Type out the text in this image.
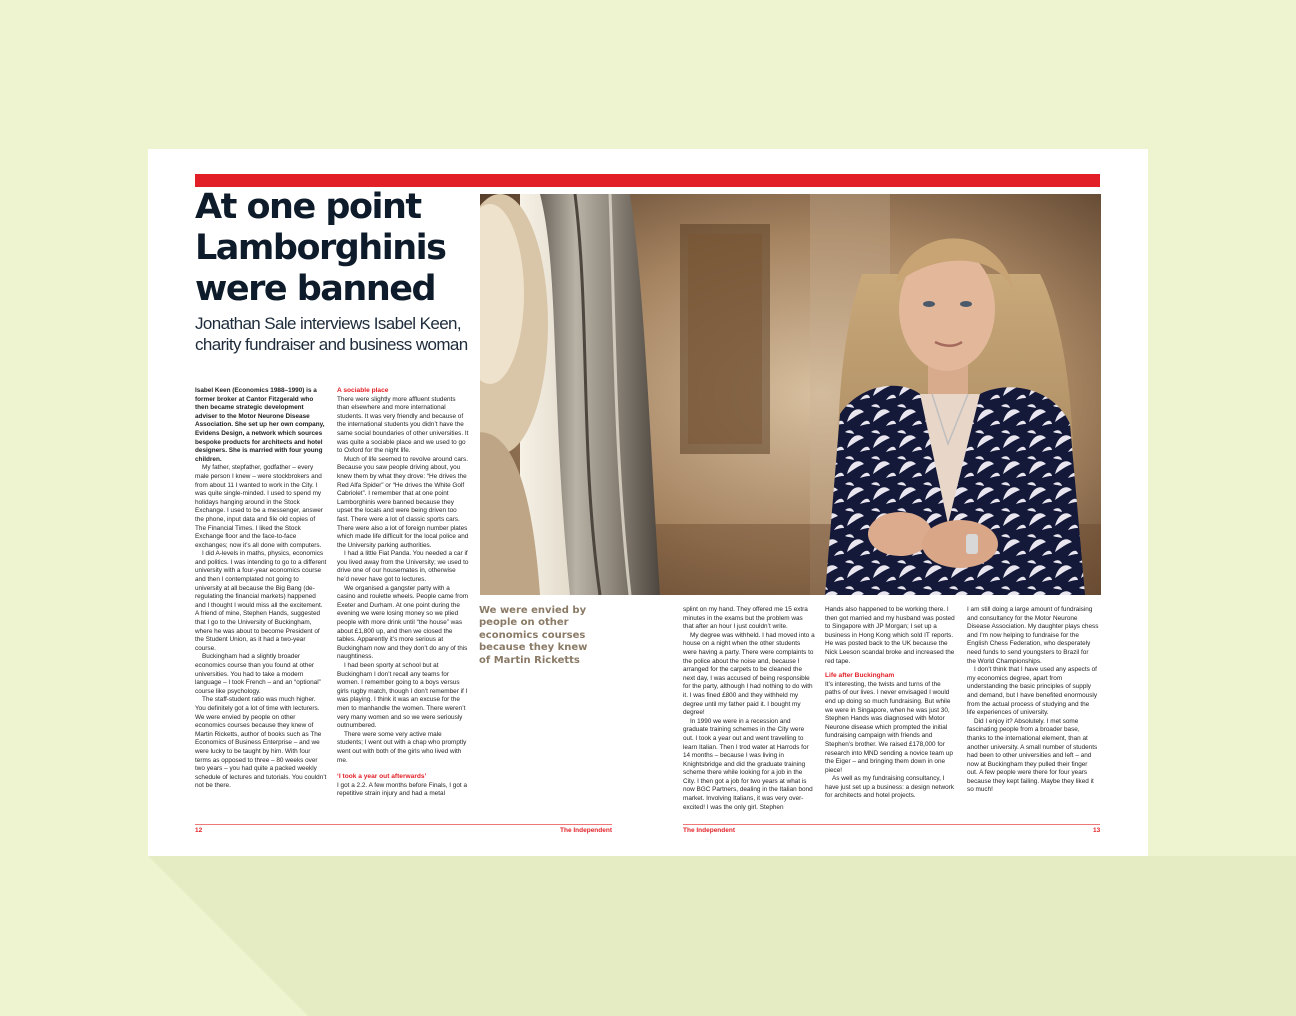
At one point Lamborghinis were banned
Jonathan Sale interviews Isabel Keen, charity fundraiser and business woman
We were envied by people on other economics courses because they knew of Martin Ricketts

Isabel Keen (Economics 1988–1990) is a former broker at Cantor Fitzgerald who then became strategic development adviser to the Motor Neurone Disease Association. She set up her own company, Evidens Design, a network which sources bespoke products for architects and hotel designers. She is married with four young children.

My father, stepfather, godfather – every male person I knew – were stockbrokers and from about 11 I wanted to work in the City. I was quite single-minded. I used to spend my holidays hanging around in the Stock Exchange. I used to be a messenger, answer the phone, input data and file old copies of The Financial Times. I liked the Stock Exchange floor and the face-to-face exchanges; now it’s all done with computers.

I did A-levels in maths, physics, economics and politics. I was intending to go to a different university with a four-year economics course and then I contemplated not going to university at all because the Big Bang (de-regulating the financial markets) happened and I thought I would miss all the excitement. A friend of mine, Stephen Hands, suggested that I go to the University of Buckingham, where he was about to become President of the Student Union, as it had a two-year course.

Buckingham had a slightly broader economics course than you found at other universities. You had to take a modern language – I took French – and an “optional” course like psychology.

The staff-student ratio was much higher. You definitely got a lot of time with lecturers. We were envied by people on other economics courses because they knew of Martin Ricketts, author of books such as The Economics of Business Enterprise – and we were lucky to be taught by him. With four terms as opposed to three – 80 weeks over two years – you had quite a packed weekly schedule of lectures and tutorials. You couldn’t not be there.

A sociable place

There were slightly more affluent students than elsewhere and more international students. It was very friendly and because of the international students you didn’t have the same social boundaries of other universities. It was quite a sociable place and we used to go to Oxford for the night life.

Much of life seemed to revolve around cars. Because you saw people driving about, you knew them by what they drove: “He drives the Red Alfa Spider” or “He drives the White Golf Cabriolet”. I remember that at one point Lamborghinis were banned because they upset the locals and were being driven too fast. There were a lot of classic sports cars. There were also a lot of foreign number plates which made life difficult for the local police and the University parking authorities.

I had a little Fiat Panda. You needed a car if you lived away from the University; we used to drive one of our housemates in, otherwise he’d never have got to lectures.

We organised a gangster party with a casino and roulette wheels. People came from Exeter and Durham. At one point during the evening we were losing money so we plied people with more drink until “the house” was about £1,800 up, and then we closed the tables. Apparently it’s more serious at Buckingham now and they don’t do any of this naughtiness.

I had been sporty at school but at Buckingham I don’t recall any teams for women. I remember going to a boys versus girls rugby match, though I don’t remember if I was playing. I think it was an excuse for the men to manhandle the women. There weren’t very many women and so we were seriously outnumbered.

There were some very active male students; I went out with a chap who promptly went out with both of the girls who lived with me.

‘I took a year out afterwards’

I got a 2.2. A few months before Finals, I got a repetitive strain injury and had a metal

splint on my hand. They offered me 15 extra minutes in the exams but the problem was that after an hour I just couldn’t write.

My degree was withheld. I had moved into a house on a night when the other students were having a party. There were complaints to the police about the noise and, because I arranged for the carpets to be cleaned the next day, I was accused of being responsible for the party, although I had nothing to do with it. I was fined £800 and they withheld my degree until my father paid it. I bought my degree!

In 1990 we were in a recession and graduate training schemes in the City were out. I took a year out and went travelling to learn Italian. Then I trod water at Harrods for 14 months – because I was living in Knightsbridge and did the graduate training scheme there while looking for a job in the City. I then got a job for two years at what is now BGC Partners, dealing in the Italian bond market. Involving Italians, it was very over-excited! I was the only girl. Stephen

Hands also happened to be working there. I then got married and my husband was posted to Singapore with JP Morgan; I set up a business in Hong Kong which sold IT reports. He was posted back to the UK because the Nick Leeson scandal broke and increased the red tape.

Life after Buckingham

It’s interesting, the twists and turns of the paths of our lives. I never envisaged I would end up doing so much fundraising. But while we were in Singapore, when he was just 30, Stephen Hands was diagnosed with Motor Neurone disease which prompted the initial fundraising campaign with friends and Stephen’s brother. We raised £178,000 for research into MND sending a novice team up the Eiger – and bringing them down in one piece!

As well as my fundraising consultancy, I have just set up a business: a design network for architects and hotel projects.

I am still doing a large amount of fundraising and consultancy for the Motor Neurone Disease Association. My daughter plays chess and I’m now helping to fundraise for the English Chess Federation, who desperately need funds to send youngsters to Brazil for the World Championships.

I don’t think that I have used any aspects of my economics degree, apart from understanding the basic principles of supply and demand, but I have benefited enormously from the actual process of studying and the life experiences of university.

Did I enjoy it? Absolutely. I met some fascinating people from a broader base, thanks to the international element, than at another university. A small number of students had been to other universities and left – and now at Buckingham they pulled their finger out. A few people were there for four years because they kept failing. Maybe they liked it so much!

12	The Independent	The Independent	13
